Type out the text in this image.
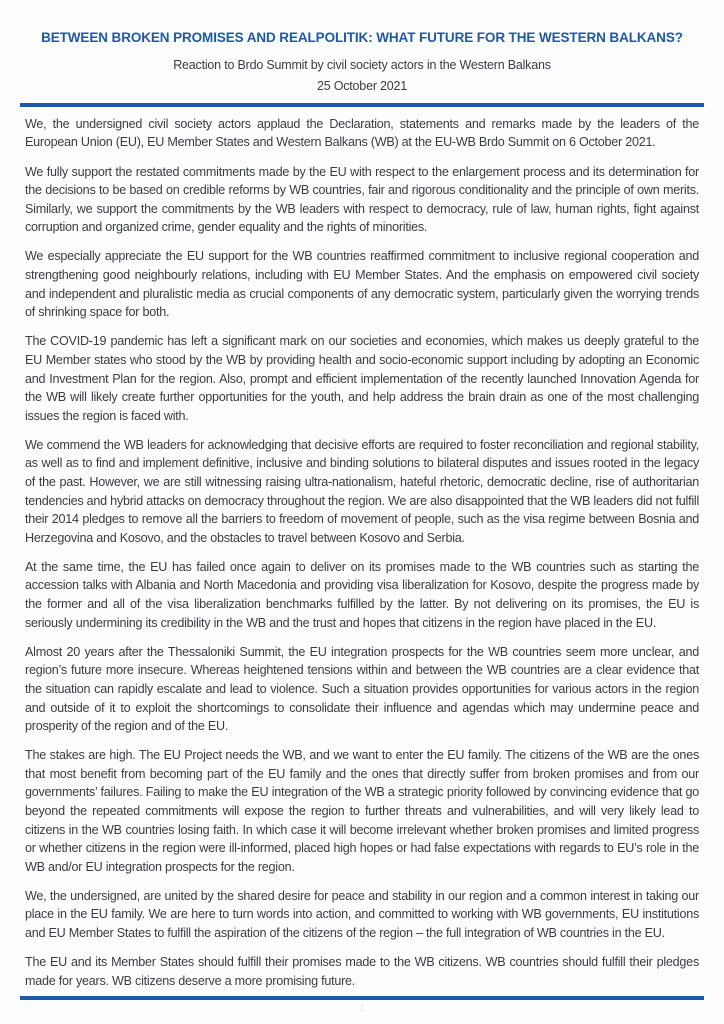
BETWEEN BROKEN PROMISES AND REALPOLITIK: WHAT FUTURE FOR THE WESTERN BALKANS?
Reaction to Brdo Summit by civil society actors in the Western Balkans
25 October 2021

We, the undersigned civil society actors applaud the Declaration, statements and remarks made by the leaders of the European Union (EU), EU Member States and Western Balkans (WB) at the EU-WB Brdo Summit on 6 October 2021.

We fully support the restated commitments made by the EU with respect to the enlargement process and its determination for the decisions to be based on credible reforms by WB countries, fair and rigorous conditionality and the principle of own merits. Similarly, we support the commitments by the WB leaders with respect to democracy, rule of law, human rights, fight against corruption and organized crime, gender equality and the rights of minorities.

We especially appreciate the EU support for the WB countries reaffirmed commitment to inclusive regional cooperation and strengthening good neighbourly relations, including with EU Member States. And the emphasis on empowered civil society and independent and pluralistic media as crucial components of any democratic system, particularly given the worrying trends of shrinking space for both.

The COVID-19 pandemic has left a significant mark on our societies and economies, which makes us deeply grateful to the EU Member states who stood by the WB by providing health and socio-economic support including by adopting an Economic and Investment Plan for the region. Also, prompt and efficient implementation of the recently launched Innovation Agenda for the WB will likely create further opportunities for the youth, and help address the brain drain as one of the most challenging issues the region is faced with.

We commend the WB leaders for acknowledging that decisive efforts are required to foster reconciliation and regional stability, as well as to find and implement definitive, inclusive and binding solutions to bilateral disputes and issues rooted in the legacy of the past. However, we are still witnessing raising ultra-nationalism, hateful rhetoric, democratic decline, rise of authoritarian tendencies and hybrid attacks on democracy throughout the region. We are also disappointed that the WB leaders did not fulfill their 2014 pledges to remove all the barriers to freedom of movement of people, such as the visa regime between Bosnia and Herzegovina and Kosovo, and the obstacles to travel between Kosovo and Serbia.

At the same time, the EU has failed once again to deliver on its promises made to the WB countries such as starting the accession talks with Albania and North Macedonia and providing visa liberalization for Kosovo, despite the progress made by the former and all of the visa liberalization benchmarks fulfilled by the latter. By not delivering on its promises, the EU is seriously undermining its credibility in the WB and the trust and hopes that citizens in the region have placed in the EU.

Almost 20 years after the Thessaloniki Summit, the EU integration prospects for the WB countries seem more unclear, and region’s future more insecure. Whereas heightened tensions within and between the WB countries are a clear evidence that the situation can rapidly escalate and lead to violence. Such a situation provides opportunities for various actors in the region and outside of it to exploit the shortcomings to consolidate their influence and agendas which may undermine peace and prosperity of the region and of the EU.

The stakes are high. The EU Project needs the WB, and we want to enter the EU family. The citizens of the WB are the ones that most benefit from becoming part of the EU family and the ones that directly suffer from broken promises and from our governments’ failures. Failing to make the EU integration of the WB a strategic priority followed by convincing evidence that go beyond the repeated commitments will expose the region to further threats and vulnerabilities, and will very likely lead to citizens in the WB countries losing faith. In which case it will become irrelevant whether broken promises and limited progress or whether citizens in the region were ill-informed, placed high hopes or had false expectations with regards to EU’s role in the WB and/or EU integration prospects for the region.

We, the undersigned, are united by the shared desire for peace and stability in our region and a common interest in taking our place in the EU family. We are here to turn words into action, and committed to working with WB governments, EU institutions and EU Member States to fulfill the aspiration of the citizens of the region – the full integration of WB countries in the EU.

The EU and its Member States should fulfill their promises made to the WB citizens. WB countries should fulfill their pledges made for years. WB citizens deserve a more promising future.

1
